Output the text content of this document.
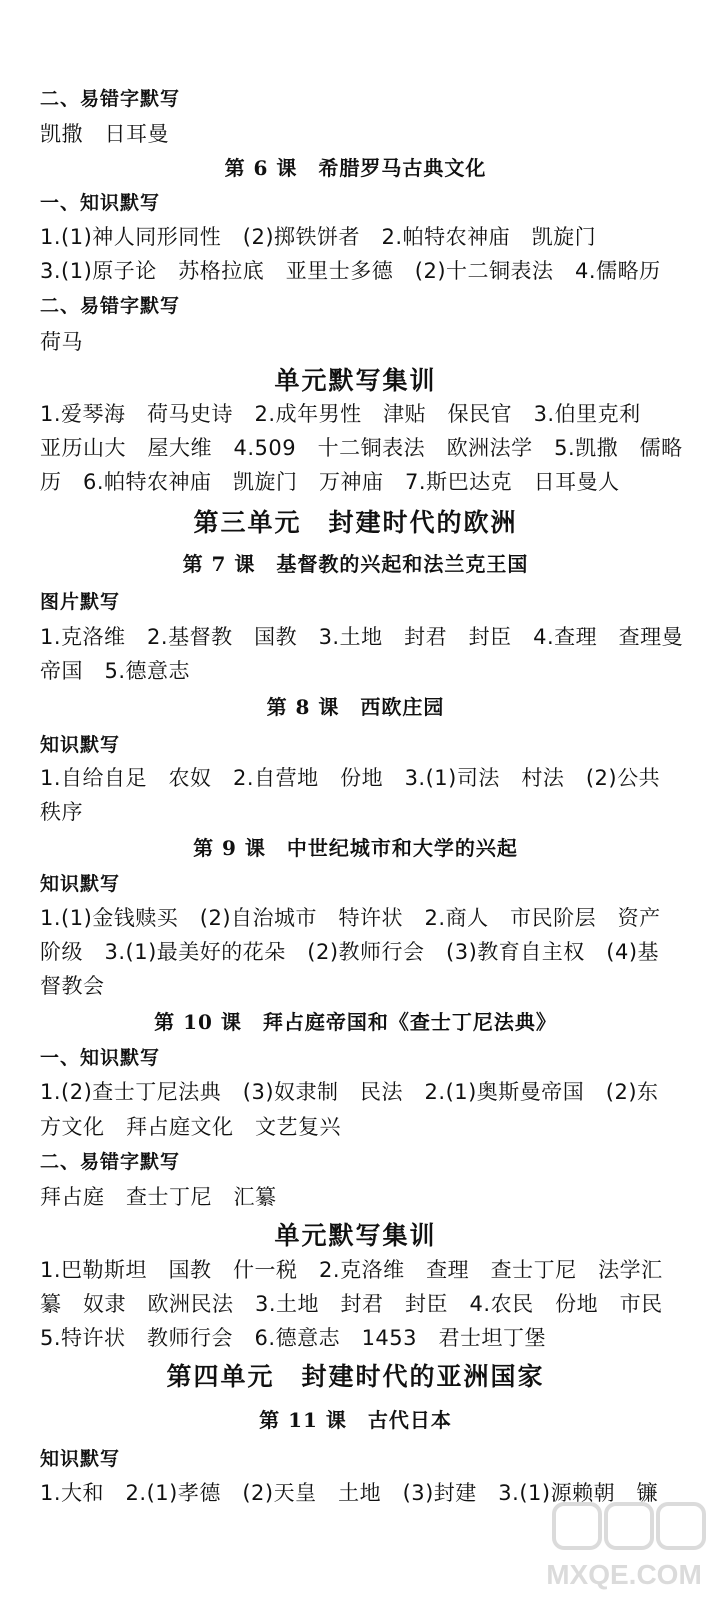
二、易错字默写
凯撒　日耳曼
第 6 课　希腊罗马古典文化
一、知识默写
1.(1)神人同形同性　(2)掷铁饼者　2.帕特农神庙　凯旋门
3.(1)原子论　苏格拉底　亚里士多德　(2)十二铜表法　4.儒略历
二、易错字默写
荷马
单元默写集训
1.爱琴海　荷马史诗　2.成年男性　津贴　保民官　3.伯里克利
亚历山大　屋大维　4.509　十二铜表法　欧洲法学　5.凯撒　儒略
历　6.帕特农神庙　凯旋门　万神庙　7.斯巴达克　日耳曼人
第三单元　封建时代的欧洲
第 7 课　基督教的兴起和法兰克王国
图片默写
1.克洛维　2.基督教　国教　3.土地　封君　封臣　4.查理　查理曼
帝国　5.德意志
第 8 课　西欧庄园
知识默写
1.自给自足　农奴　2.自营地　份地　3.(1)司法　村法　(2)公共
秩序
第 9 课　中世纪城市和大学的兴起
知识默写
1.(1)金钱赎买　(2)自治城市　特许状　2.商人　市民阶层　资产
阶级　3.(1)最美好的花朵　(2)教师行会　(3)教育自主权　(4)基
督教会
第 10 课　拜占庭帝国和《查士丁尼法典》
一、知识默写
1.(2)查士丁尼法典　(3)奴隶制　民法　2.(1)奥斯曼帝国　(2)东
方文化　拜占庭文化　文艺复兴
二、易错字默写
拜占庭　查士丁尼　汇纂
单元默写集训
1.巴勒斯坦　国教　什一税　2.克洛维　查理　查士丁尼　法学汇
纂　奴隶　欧洲民法　3.土地　封君　封臣　4.农民　份地　市民
5.特许状　教师行会　6.德意志　1453　君士坦丁堡
第四单元　封建时代的亚洲国家
第 11 课　古代日本
知识默写
1.大和　2.(1)孝德　(2)天皇　土地　(3)封建　3.(1)源赖朝　镰
MXQE.COM
